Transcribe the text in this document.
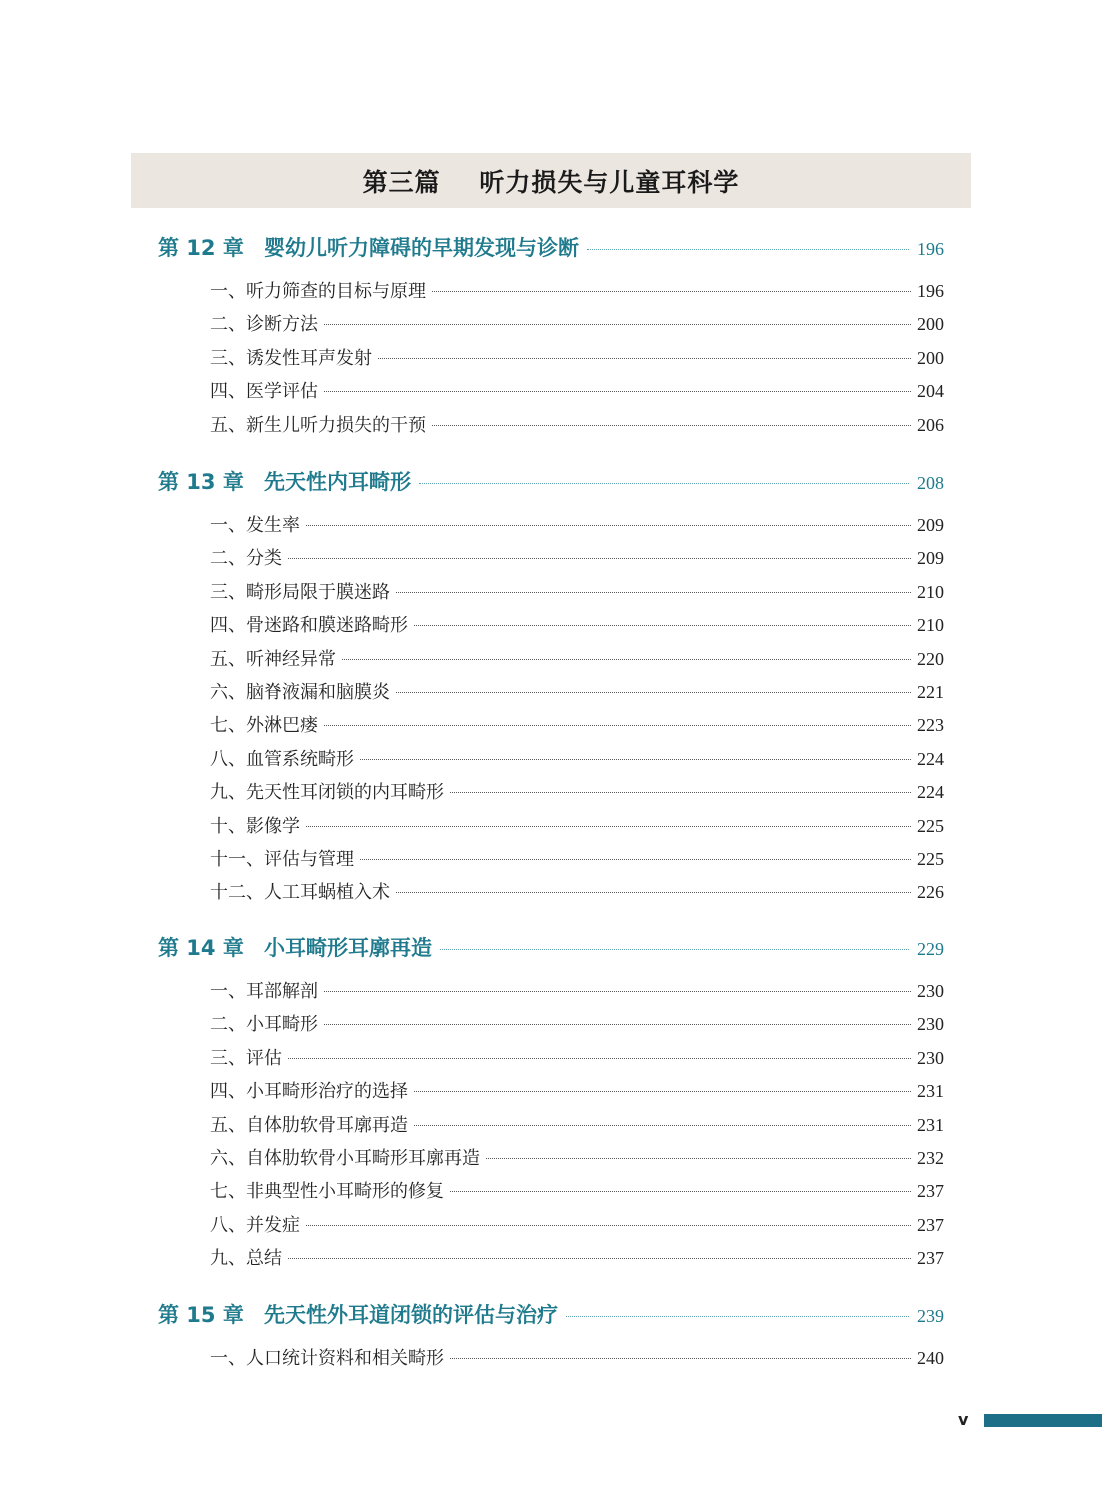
第三篇    听力损失与儿童耳科学
第 12 章 婴幼儿听力障碍的早期发现与诊断	196
一、听力筛查的目标与原理	196
二、诊断方法	200
三、诱发性耳声发射	200
四、医学评估	204
五、新生儿听力损失的干预	206
第 13 章 先天性内耳畸形	208
一、发生率	209
二、分类	209
三、畸形局限于膜迷路	210
四、骨迷路和膜迷路畸形	210
五、听神经异常	220
六、脑脊液漏和脑膜炎	221
七、外淋巴瘘	223
八、血管系统畸形	224
九、先天性耳闭锁的内耳畸形	224
十、影像学	225
十一、评估与管理	225
十二、人工耳蜗植入术	226
第 14 章 小耳畸形耳廓再造	229
一、耳部解剖	230
二、小耳畸形	230
三、评估	230
四、小耳畸形治疗的选择	231
五、自体肋软骨耳廓再造	231
六、自体肋软骨小耳畸形耳廓再造	232
七、非典型性小耳畸形的修复	237
八、并发症	237
九、总结	237
第 15 章 先天性外耳道闭锁的评估与治疗	239
一、人口统计资料和相关畸形	240
v
